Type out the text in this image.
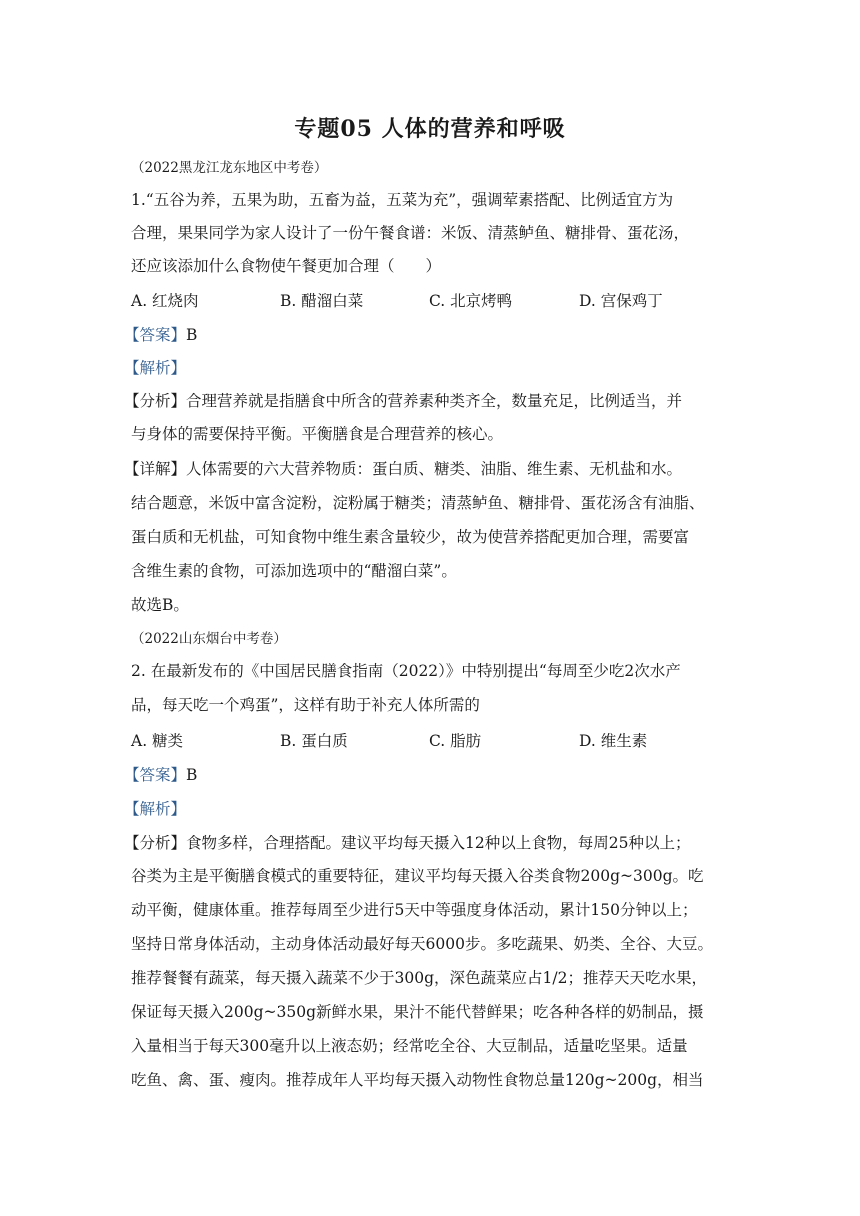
专题05 人体的营养和呼吸
（2022黑龙江龙东地区中考卷）
1.“五谷为养，五果为助，五畜为益，五菜为充”，强调荤素搭配、比例适宜方为
合理，果果同学为家人设计了一份午餐食谱：米饭、清蒸鲈鱼、糖排骨、蛋花汤，
还应该添加什么食物使午餐更加合理（　　）
A. 红烧肉	B. 醋溜白菜	C. 北京烤鸭	D. 宫保鸡丁
【答案】B
【解析】
【分析】合理营养就是指膳食中所含的营养素种类齐全，数量充足，比例适当，并
与身体的需要保持平衡。平衡膳食是合理营养的核心。
【详解】人体需要的六大营养物质：蛋白质、糖类、油脂、维生素、无机盐和水。
结合题意，米饭中富含淀粉，淀粉属于糖类；清蒸鲈鱼、糖排骨、蛋花汤含有油脂、
蛋白质和无机盐，可知食物中维生素含量较少，故为使营养搭配更加合理，需要富
含维生素的食物，可添加选项中的“醋溜白菜”。
故选B。
（2022山东烟台中考卷）
2. 在最新发布的《中国居民膳食指南（2022）》中特别提出“每周至少吃2次水产
品，每天吃一个鸡蛋”，这样有助于补充人体所需的
A. 糖类	B. 蛋白质	C. 脂肪	D. 维生素
【答案】B
【解析】
【分析】食物多样，合理搭配。建议平均每天摄入12种以上食物，每周25种以上；
谷类为主是平衡膳食模式的重要特征，建议平均每天摄入谷类食物200g~300g。吃
动平衡，健康体重。推荐每周至少进行5天中等强度身体活动，累计150分钟以上；
坚持日常身体活动，主动身体活动最好每天6000步。多吃蔬果、奶类、全谷、大豆。
推荐餐餐有蔬菜，每天摄入蔬菜不少于300g，深色蔬菜应占1/2；推荐天天吃水果，
保证每天摄入200g~350g新鲜水果，果汁不能代替鲜果；吃各种各样的奶制品，摄
入量相当于每天300毫升以上液态奶；经常吃全谷、大豆制品，适量吃坚果。适量
吃鱼、禽、蛋、瘦肉。推荐成年人平均每天摄入动物性食物总量120g~200g，相当
